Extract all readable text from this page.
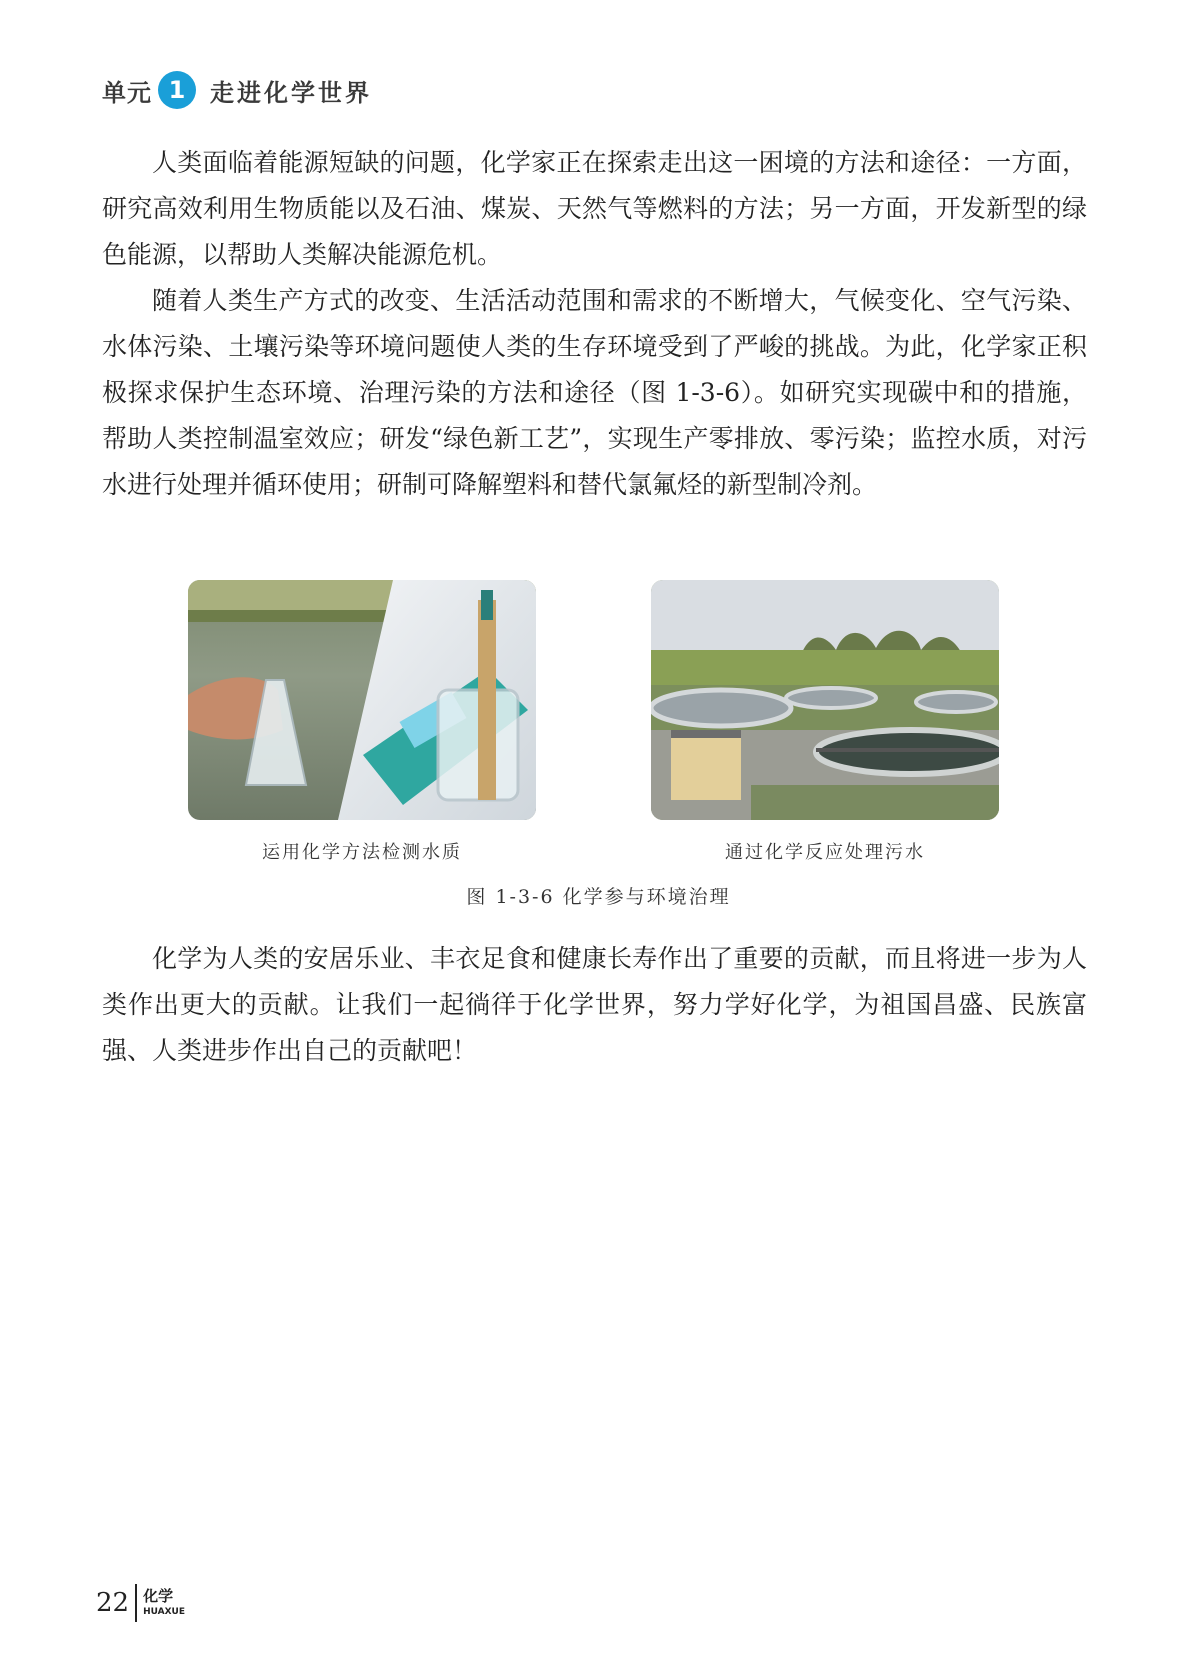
单元 1	走进化学世界

人类面临着能源短缺的问题，化学家正在探索走出这一困境的方法和途径：一方面，研究高效利用生物质能以及石油、煤炭、天然气等燃料的方法；另一方面，开发新型的绿色能源，以帮助人类解决能源危机。

随着人类生产方式的改变、生活活动范围和需求的不断增大，气候变化、空气污染、水体污染、土壤污染等环境问题使人类的生存环境受到了严峻的挑战。为此，化学家正积极探求保护生态环境、治理污染的方法和途径（图 1-3-6）。如研究实现碳中和的措施，帮助人类控制温室效应；研发“绿色新工艺”，实现生产零排放、零污染；监控水质，对污水进行处理并循环使用；研制可降解塑料和替代氯氟烃的新型制冷剂。

运用化学方法检测水质	通过化学反应处理污水
图 1-3-6 化学参与环境治理

化学为人类的安居乐业、丰衣足食和健康长寿作出了重要的贡献，而且将进一步为人类作出更大的贡献。让我们一起徜徉于化学世界，努力学好化学，为祖国昌盛、民族富强、人类进步作出自己的贡献吧！

22 化学
HUAXUE
